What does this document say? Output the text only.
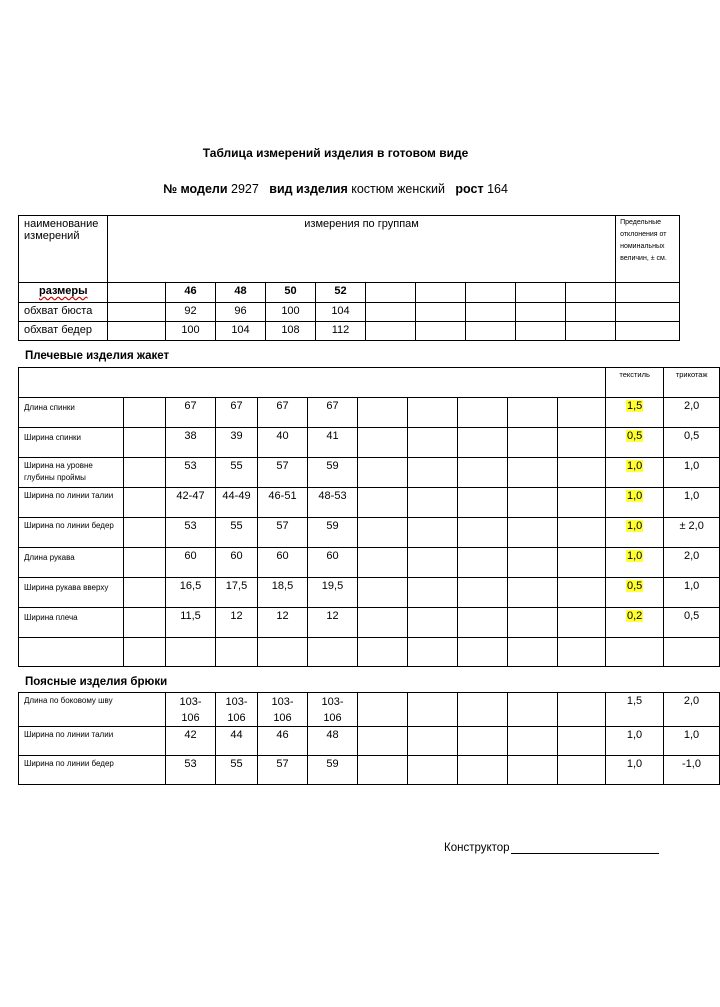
Таблица измерений изделия в готовом виде
№ модели 2927 вид изделия костюм женский рост 164
наименование измерений	измерения по группам										Предельные отклонения от номинальных величин, ± см.
размеры		46	48	50	52						
обхват бюста		92	96	100	104						
обхват бедер		100	104	108	112						
Плечевые изделия жакет
											текстиль	трикотаж
Длина спинки		67	67	67	67						1,5	2,0
Ширина спинки		38	39	40	41						0,5	0,5
Ширина на уровне глубины проймы		53	55	57	59						1,0	1,0
Ширина по линии талии		42-47	44-49	46-51	48-53						1,0	1,0
Ширина по линии бедер		53	55	57	59						1,0	± 2,0
Длина рукава		60	60	60	60						1,0	2,0
Ширина рукава вверху		16,5	17,5	18,5	19,5						0,5	1,0
Ширина плеча		11,5	12	12	12						0,2	0,5

Поясные изделия брюки
Длина по боковому шву	103-
106	103-
106	103-
106	103-
106						1,5	2,0
Ширина по линии талии	42	44	46	48						1,0	1,0
Ширина по линии бедер	53	55	57	59						1,0	-1,0
Конструктор
